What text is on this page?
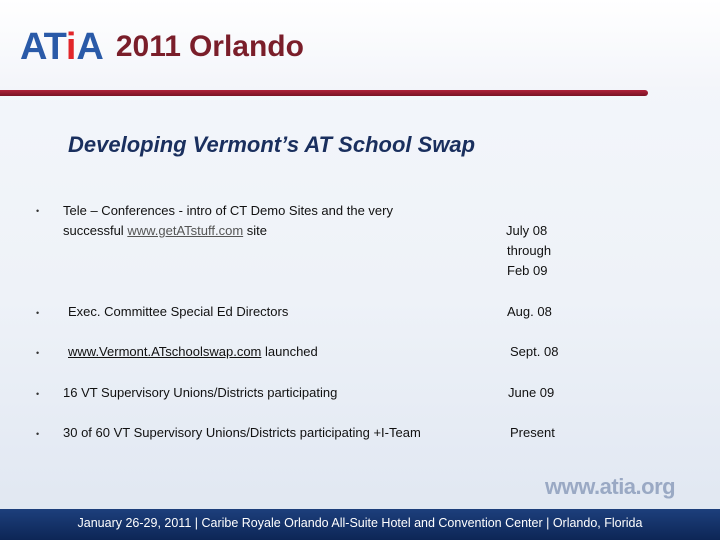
AT i A 2011 Orlando
Developing Vermont’s AT School Swap
• Tele – Conferences - intro of CT Demo Sites and the very
successful www.getATstuff.com site	July 08
through
Feb 09
• Exec. Committee Special Ed Directors	Aug. 08
• www.Vermont.ATschoolswap.com launched	Sept. 08
• 16 VT Supervisory Unions/Districts participating	June 09
• 30 of 60 VT Supervisory Unions/Districts participating +I-Team	Present
www.atia.org
January 26-29, 2011 | Caribe Royale Orlando All-Suite Hotel and Convention Center | Orlando, Florida
